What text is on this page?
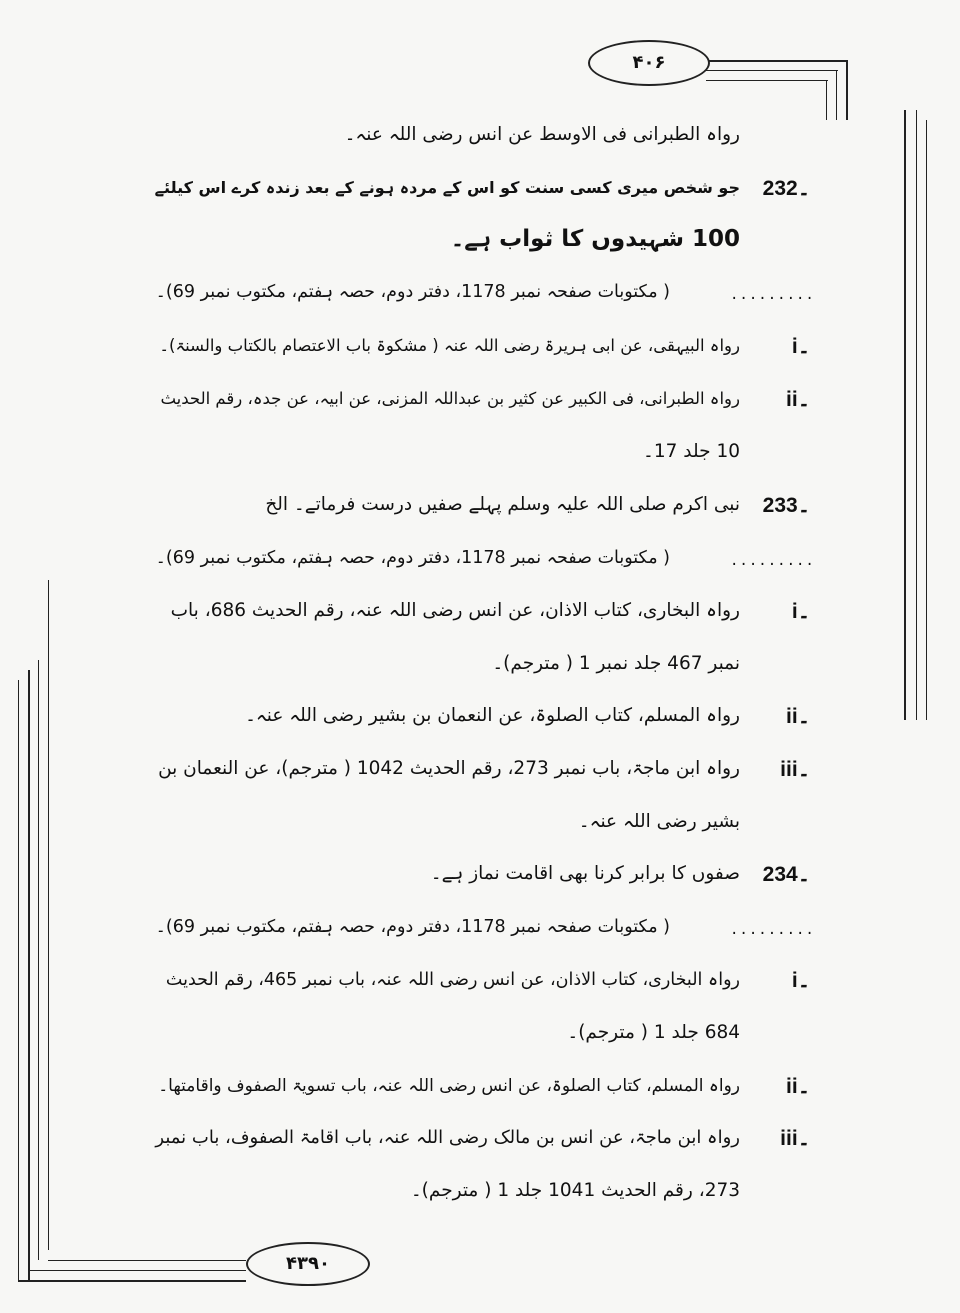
۴۰۶
رواہ الطبرانی فی الاوسط عن انس رضی اللہ عنہ۔
232۔
جو شخص میری کسی سنت کو اس کے مردہ ہونے کے بعد زندہ کرے اس کیلئے
100 شہیدوں کا ثواب ہے۔
.........
( مکتوبات صفحہ نمبر 1178، دفتر دوم، حصہ ہفتم، مکتوب نمبر 69)۔
i۔
رواہ البیہقی، عن ابی ہریرۃ رضی اللہ عنہ ( مشکوۃ باب الاعتصام بالکتاب والسنۃ)۔
ii۔
رواہ الطبرانی، فی الکبیر عن کثیر بن عبداللہ المزنی، عن ابیہ، عن جدہ، رقم الحدیث
10 جلد 17۔
233۔
نبی اکرم صلی اللہ علیہ وسلم پہلے صفیں درست فرماتے۔ الخ
.........
( مکتوبات صفحہ نمبر 1178، دفتر دوم، حصہ ہفتم، مکتوب نمبر 69)۔
i۔
رواہ البخاری، کتاب الاذان، عن انس رضی اللہ عنہ، رقم الحدیث 686، باب
نمبر 467 جلد نمبر 1 ( مترجم)۔
ii۔
رواہ المسلم، کتاب الصلوۃ، عن النعمان بن بشیر رضی اللہ عنہ۔
iii۔
رواہ ابن ماجۃ، باب نمبر 273، رقم الحدیث 1042 ( مترجم)، عن النعمان بن
بشیر رضی اللہ عنہ۔
234۔
صفوں کا برابر کرنا بھی اقامت نماز ہے۔
.........
( مکتوبات صفحہ نمبر 1178، دفتر دوم، حصہ ہفتم، مکتوب نمبر 69)۔
i۔
رواہ البخاری، کتاب الاذان، عن انس رضی اللہ عنہ، باب نمبر 465، رقم الحدیث
684 جلد 1 ( مترجم)۔
ii۔
رواہ المسلم، کتاب الصلوۃ، عن انس رضی اللہ عنہ، باب تسویۃ الصفوف واقامتھا۔
iii۔
رواہ ابن ماجۃ، عن انس بن مالک رضی اللہ عنہ، باب اقامۃ الصفوف، باب نمبر
273، رقم الحدیث 1041 جلد 1 ( مترجم)۔
۴۳۹۰
